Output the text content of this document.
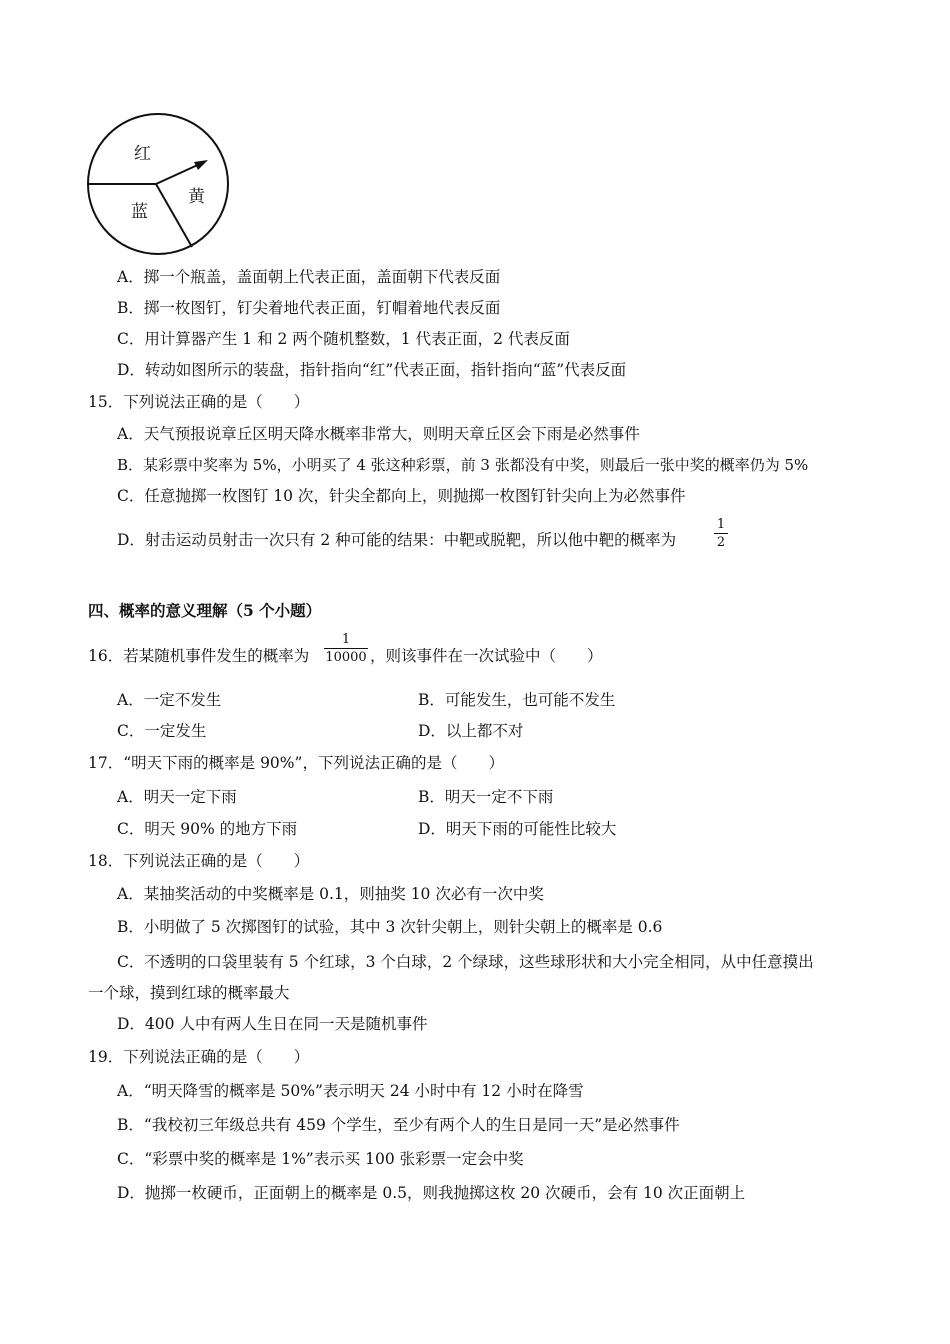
红
黄
蓝
A．掷一个瓶盖，盖面朝上代表正面，盖面朝下代表反面
B．掷一枚图钉，钉尖着地代表正面，钉帽着地代表反面
C．用计算器产生 1 和 2 两个随机整数，1 代表正面，2 代表反面
D．转动如图所示的装盘，指针指向“红”代表正面，指针指向“蓝”代表反面
15．下列说法正确的是（　　）
A．天气预报说章丘区明天降水概率非常大，则明天章丘区会下雨是必然事件
B．某彩票中奖率为 5%，小明买了 4 张这种彩票，前 3 张都没有中奖，则最后一张中奖的概率仍为 5%
C．任意抛掷一枚图钉 10 次，针尖全都向上，则抛掷一枚图钉针尖向上为必然事件
D．射击运动员射击一次只有 2 种可能的结果：中靶或脱靶，所以他中靶的概率为
1
2
四、概率的意义理解（5 个小题）
16．若某随机事件发生的概率为
1
10000 ，则该事件在一次试验中（　　）
A．一定不发生	B．可能发生，也可能不发生
C．一定发生	D．以上都不对
17．“明天下雨的概率是 90%”，下列说法正确的是（　　）
A．明天一定下雨	B．明天一定不下雨
C．明天 90% 的地方下雨	D．明天下雨的可能性比较大
18．下列说法正确的是（　　）
A．某抽奖活动的中奖概率是 0.1，则抽奖 10 次必有一次中奖
B．小明做了 5 次掷图钉的试验，其中 3 次针尖朝上，则针尖朝上的概率是 0.6
C．不透明的口袋里装有 5 个红球，3 个白球，2 个绿球，这些球形状和大小完全相同，从中任意摸出
一个球，摸到红球的概率最大
D．400 人中有两人生日在同一天是随机事件
19．下列说法正确的是（　　）
A．“明天降雪的概率是 50%”表示明天 24 小时中有 12 小时在降雪
B．“我校初三年级总共有 459 个学生，至少有两个人的生日是同一天”是必然事件
C．“彩票中奖的概率是 1%”表示买 100 张彩票一定会中奖
D．抛掷一枚硬币，正面朝上的概率是 0.5，则我抛掷这枚 20 次硬币，会有 10 次正面朝上
